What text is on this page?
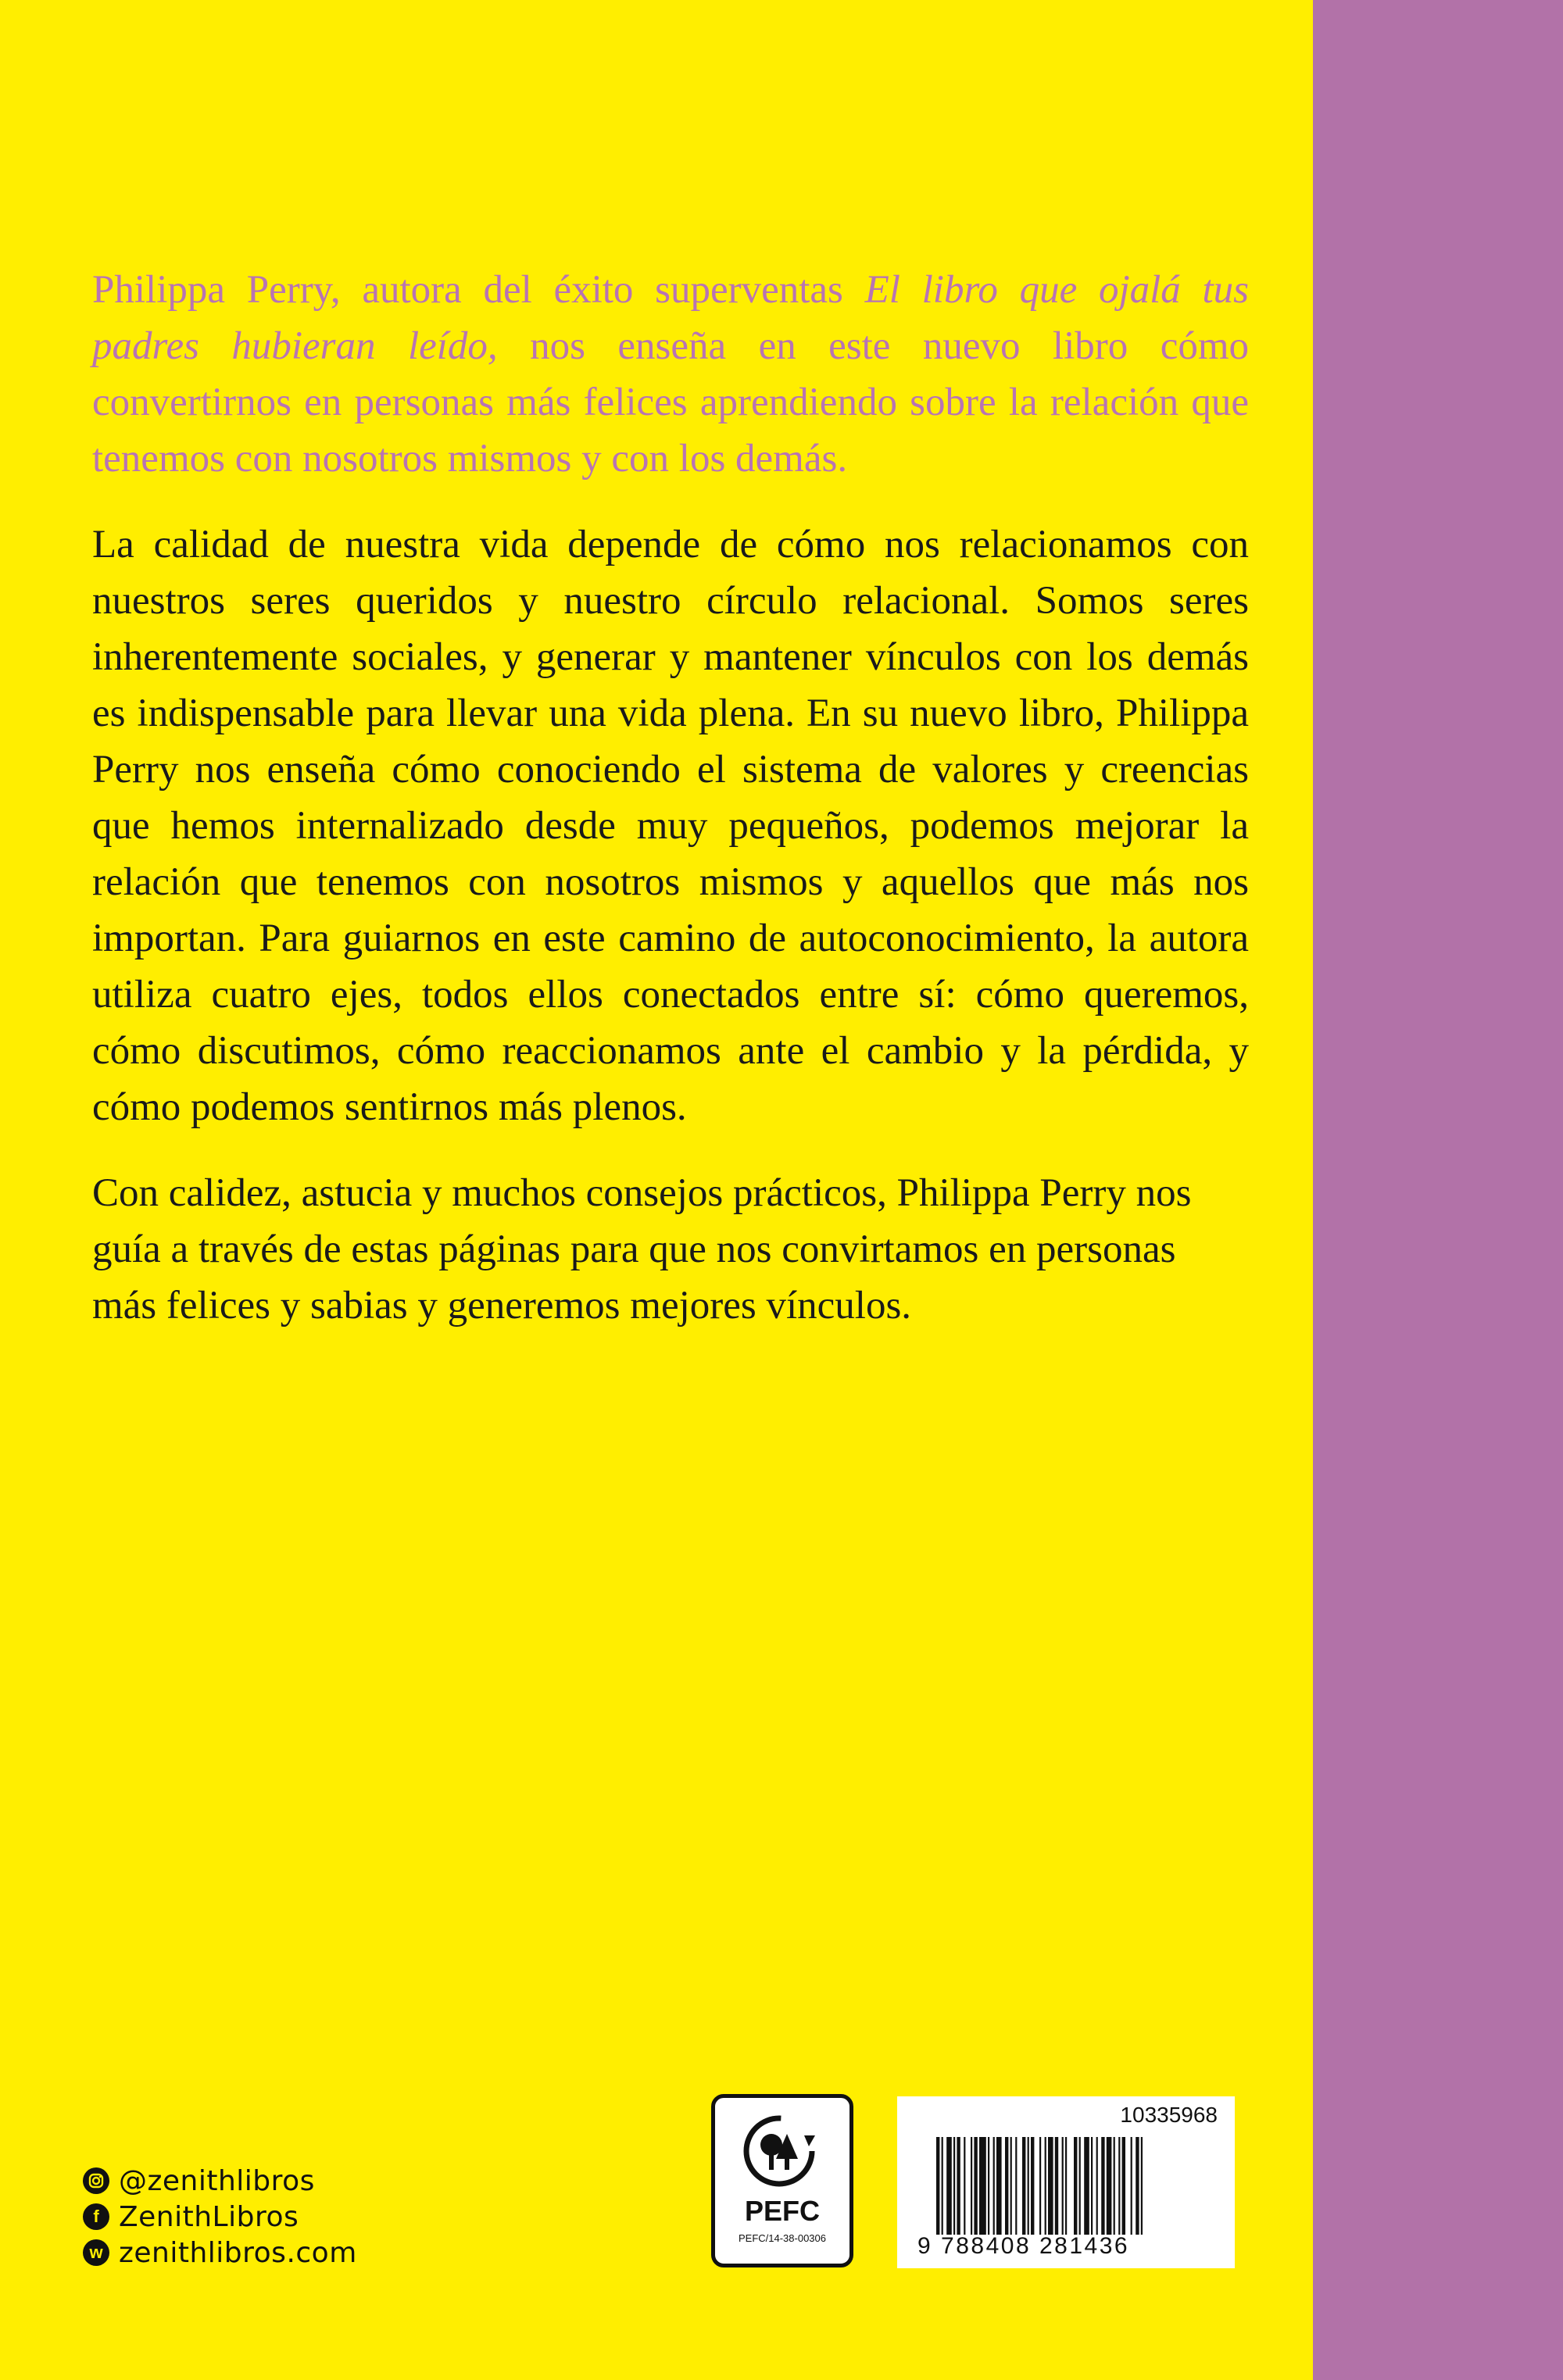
Philippa Perry, autora del éxito superventas El libro que ojalá tus padres hubieran leído, nos enseña en este nuevo libro cómo convertirnos en personas más felices aprendiendo sobre la relación que tenemos con nosotros mismos y con los demás.

La calidad de nuestra vida depende de cómo nos relacionamos con nuestros seres queridos y nuestro círculo relacional. Somos seres inherentemente sociales, y generar y mantener vínculos con los demás es indispensable para llevar una vida plena. En su nuevo libro, Philippa Perry nos enseña cómo conociendo el sistema de valores y creencias que hemos internalizado desde muy pequeños, podemos mejorar la relación que tenemos con nosotros mismos y aquellos que más nos importan. Para guiarnos en este camino de autoconocimiento, la autora utiliza cuatro ejes, todos ellos conectados entre sí: cómo queremos, cómo discutimos, cómo reaccionamos ante el cambio y la pérdida, y cómo podemos sentirnos más plenos.

Con calidez, astucia y muchos consejos prácticos, Philippa Perry nos guía a través de estas páginas para que nos convirtamos en personas más felices y sabias y generemos mejores vínculos.

@zenithlibros
f ZenithLibros
w zenithlibros.com
PEFC
PEFC/14-38-00306
10335968
9 788408 281436
